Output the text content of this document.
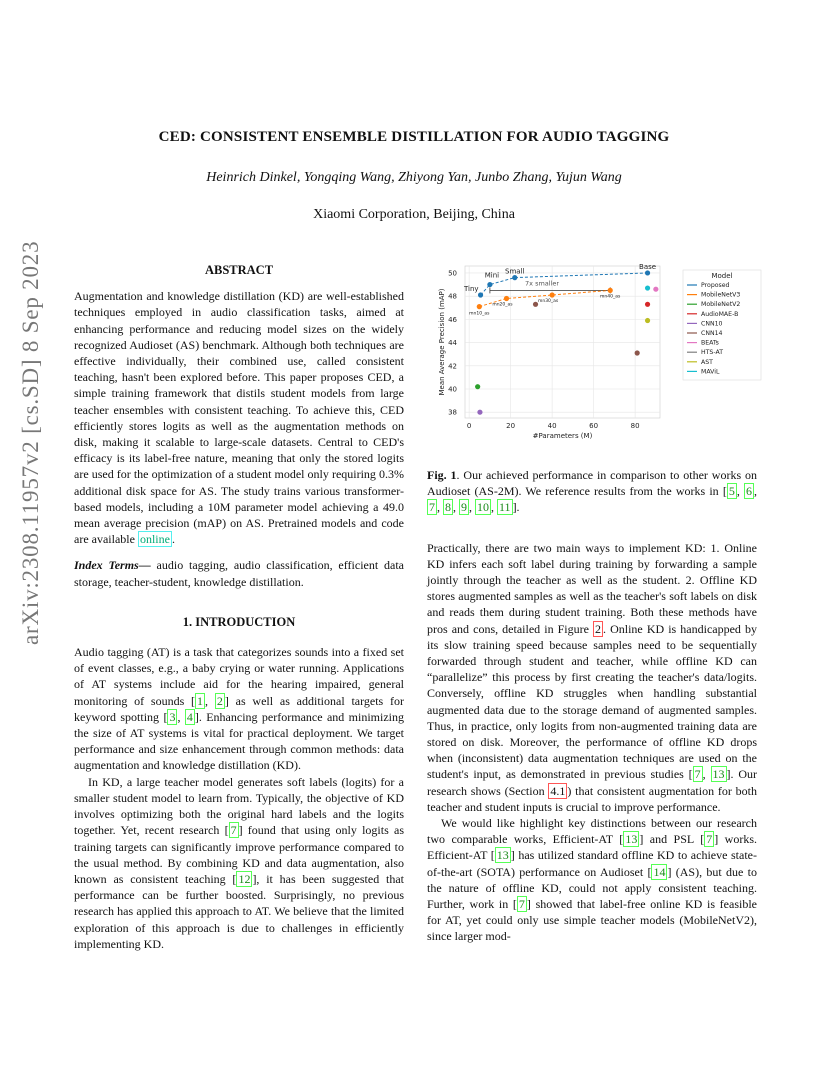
arXiv:2308.11957v2 [cs.SD] 8 Sep 2023
CED: CONSISTENT ENSEMBLE DISTILLATION FOR AUDIO TAGGING
Heinrich Dinkel, Yongqing Wang, Zhiyong Yan, Junbo Zhang, Yujun Wang
Xiaomi Corporation, Beijing, China

ABSTRACT

Augmentation and knowledge distillation (KD) are well-established techniques employed in audio classification tasks, aimed at enhancing performance and reducing model sizes on the widely recognized Audioset (AS) benchmark. Although both techniques are effective individually, their combined use, called consistent teaching, hasn't been explored before. This paper proposes CED, a simple training framework that distils student models from large teacher ensembles with consistent teaching. To achieve this, CED efficiently stores logits as well as the augmentation methods on disk, making it scalable to large-scale datasets. Central to CED's efficacy is its label-free nature, meaning that only the stored logits are used for the optimization of a student model only requiring 0.3% additional disk space for AS. The study trains various transformer-based models, including a 10M parameter model achieving a 49.0 mean average precision (mAP) on AS. Pretrained models and code are available online .

Index Terms— audio tagging, audio classification, efficient data storage, teacher-student, knowledge distillation.

1. INTRODUCTION

Audio tagging (AT) is a task that categorizes sounds into a fixed set of event classes, e.g., a baby crying or water running. Applications of AT systems include aid for the hearing impaired, general monitoring of sounds [ 1 , 2 ] as well as additional targets for keyword spotting [ 3 , 4 ]. Enhancing performance and minimizing the size of AT systems is vital for practical deployment. We target performance and size enhancement through common methods: data augmentation and knowledge distillation (KD).

In KD, a large teacher model generates soft labels (logits) for a smaller student model to learn from. Typically, the objective of KD involves optimizing both the original hard labels and the logits together. Yet, recent research [ 7 ] found that using only logits as training targets can significantly improve performance compared to the usual method. By combining KD and data augmentation, also known as consistent teaching [ 12 ], it has been suggested that performance can be further boosted. Surprisingly, no previous research has applied this approach to AT. We believe that the limited exploration of this approach is due to challenges in efficiently implementing KD.

0	20	40	60	80
38
40
42
44
46
48
50
#Parameters (M)
Mean Average Precision (mAP)
7x smaller
Tiny
Mini Small
Base
mn10_as
mn20_as
mn30_as
mn40_as
Model
Proposed
MobileNetV3
MobileNetV2
AudioMAE-B
CNN10
CNN14
BEATs
HTS-AT
AST
MAViL

Fig. 1. Our achieved performance in comparison to other works on Audioset (AS-2M). We reference results from the works in [ 5 , 6 , 7 , 8 , 9 , 10 , 11 ].

Practically, there are two main ways to implement KD: 1. Online KD infers each soft label during training by forwarding a sample jointly through the teacher as well as the student. 2. Offline KD stores augmented samples as well as the teacher's soft labels on disk and reads them during student training. Both these methods have pros and cons, detailed in Figure 2 . Online KD is handicapped by its slow training speed because samples need to be sequentially forwarded through student and teacher, while offline KD can “parallelize” this process by first creating the teacher's data/logits. Conversely, offline KD struggles when handling substantial augmented data due to the storage demand of augmented samples. Thus, in practice, only logits from non-augmented training data are stored on disk. Moreover, the performance of offline KD drops when (inconsistent) data augmentation techniques are used on the student's input, as demonstrated in previous studies [ 7 , 13 ]. Our research shows (Section 4.1 ) that consistent augmentation for both teacher and student inputs is crucial to improve performance.

We would like highlight key distinctions between our research two comparable works, Efficient-AT [ 13 ] and PSL [ 7 ] works. Efficient-AT [ 13 ] has utilized standard offline KD to achieve state-of-the-art (SOTA) performance on Audioset [ 14 ] (AS), but due to the nature of offline KD, could not apply consistent teaching. Further, work in [ 7 ] showed that label-free online KD is feasible for AT, yet could only use simple teacher models (MobileNetV2), since larger mod-
